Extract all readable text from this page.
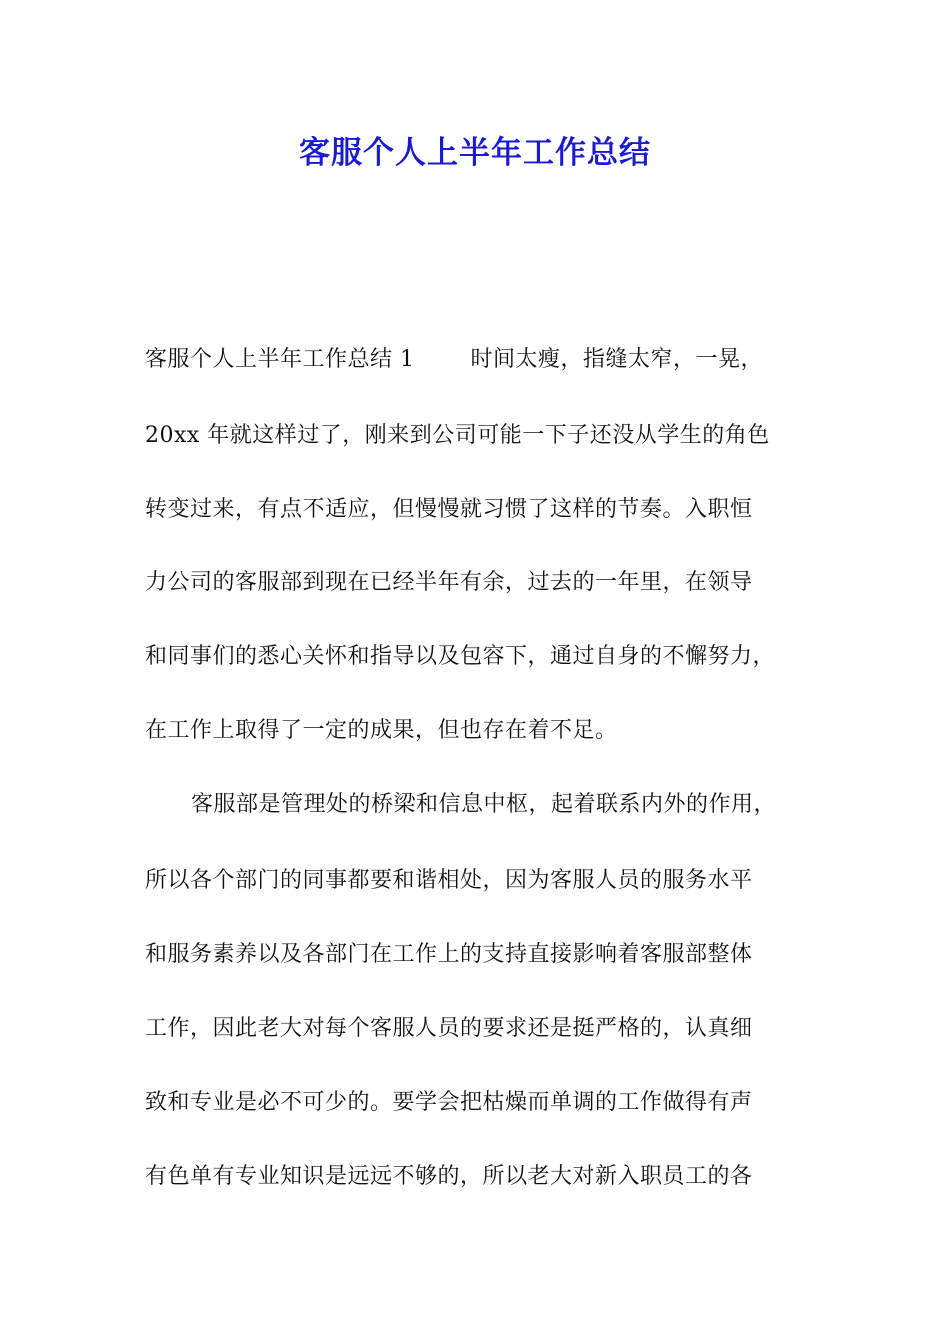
客服个人上半年工作总结
客服个人上半年工作总结 1	时间太瘦，指缝太窄，一晃，
20xx 年就这样过了，刚来到公司可能一下子还没从学生的角色
转变过来，有点不适应，但慢慢就习惯了这样的节奏。入职恒
力公司的客服部到现在已经半年有余，过去的一年里，在领导
和同事们的悉心关怀和指导以及包容下，通过自身的不懈努力，
在工作上取得了一定的成果，但也存在着不足。
客服部是管理处的桥梁和信息中枢，起着联系内外的作用，
所以各个部门的同事都要和谐相处，因为客服人员的服务水平
和服务素养以及各部门在工作上的支持直接影响着客服部整体
工作，因此老大对每个客服人员的要求还是挺严格的，认真细
致和专业是必不可少的。要学会把枯燥而单调的工作做得有声
有色单有专业知识是远远不够的，所以老大对新入职员工的各
